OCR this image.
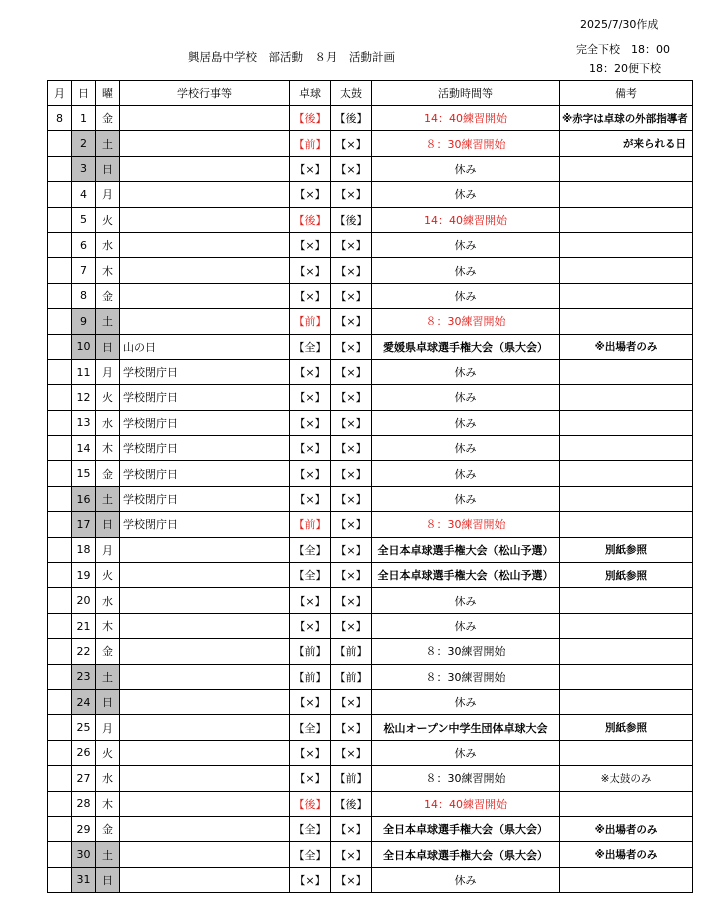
2025/7/30作成
興居島中学校　部活動　８月　活動計画
完全下校　18：00
18：20便下校
月	日	曜	学校行事等	卓球	太鼓	活動時間等	備考
8	1	金		【後】	【後】	14：40練習開始	※赤字は卓球の外部指導者
	2	土		【前】	【×】	８：30練習開始	が来られる日
	3	日		【×】	【×】	休み	
	4	月		【×】	【×】	休み	
	5	火		【後】	【後】	14：40練習開始	
	6	水		【×】	【×】	休み	
	7	木		【×】	【×】	休み	
	8	金		【×】	【×】	休み	
	9	土		【前】	【×】	８：30練習開始	
	10	日	山の日	【全】	【×】	愛媛県卓球選手権大会（県大会）	※出場者のみ
	11	月	学校閉庁日	【×】	【×】	休み	
	12	火	学校閉庁日	【×】	【×】	休み	
	13	水	学校閉庁日	【×】	【×】	休み	
	14	木	学校閉庁日	【×】	【×】	休み	
	15	金	学校閉庁日	【×】	【×】	休み	
	16	土	学校閉庁日	【×】	【×】	休み	
	17	日	学校閉庁日	【前】	【×】	８：30練習開始	
	18	月		【全】	【×】	全日本卓球選手権大会（松山予選）	別紙参照
	19	火		【全】	【×】	全日本卓球選手権大会（松山予選）	別紙参照
	20	水		【×】	【×】	休み	
	21	木		【×】	【×】	休み	
	22	金		【前】	【前】	８：30練習開始	
	23	土		【前】	【前】	８：30練習開始	
	24	日		【×】	【×】	休み	
	25	月		【全】	【×】	松山オープン中学生団体卓球大会	別紙参照
	26	火		【×】	【×】	休み	
	27	水		【×】	【前】	８：30練習開始	※太鼓のみ
	28	木		【後】	【後】	14：40練習開始	
	29	金		【全】	【×】	全日本卓球選手権大会（県大会）	※出場者のみ
	30	土		【全】	【×】	全日本卓球選手権大会（県大会）	※出場者のみ
	31	日		【×】	【×】	休み	
